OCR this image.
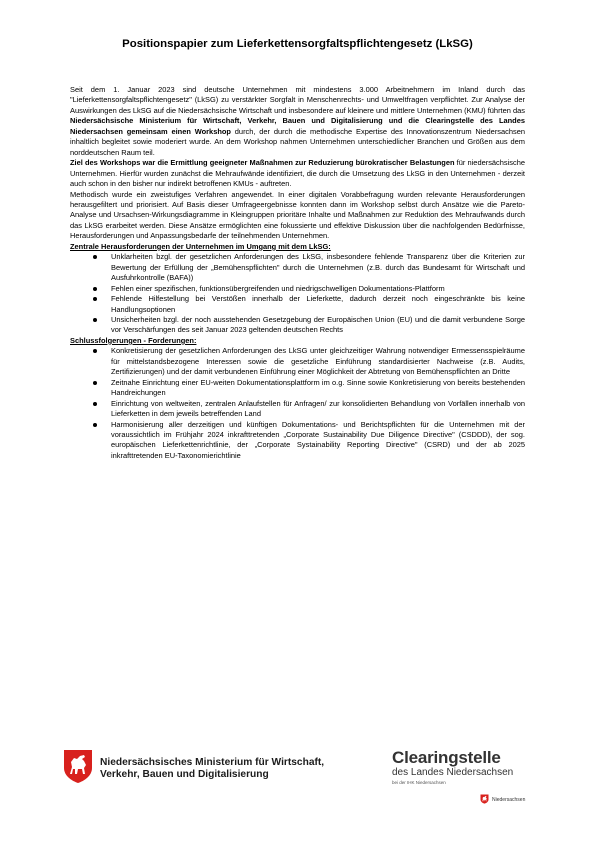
Positionspapier zum Lieferkettensorgfaltspflichtengesetz (LkSG)

Seit dem 1. Januar 2023 sind deutsche Unternehmen mit mindestens 3.000 Arbeitnehmern im Inland durch das "Lieferkettensorgfaltspflichtengesetz" (LkSG) zu verstärkter Sorgfalt in Menschenrechts- und Umweltfragen verpflichtet. Zur Analyse der Auswirkungen des LkSG auf die Niedersächsische Wirtschaft und insbesondere auf kleinere und mittlere Unternehmen (KMU) führten das Niedersächsische Ministerium für Wirtschaft, Verkehr, Bauen und Digitalisierung und die Clearingstelle des Landes Niedersachsen gemeinsam einen Workshop durch, der durch die methodische Expertise des Innovationszentrum Niedersachsen inhaltlich begleitet sowie moderiert wurde. An dem Workshop nahmen Unternehmen unterschiedlicher Branchen und Größen aus dem norddeutschen Raum teil.

Ziel des Workshops war die Ermittlung geeigneter Maßnahmen zur Reduzierung bürokratischer Belastungen für niedersächsische Unternehmen. Hierfür wurden zunächst die Mehraufwände identifiziert, die durch die Umsetzung des LkSG in den Unternehmen - derzeit auch schon in den bisher nur indirekt betroffenen KMUs - auftreten.

Methodisch wurde ein zweistufiges Verfahren angewendet. In einer digitalen Vorabbefragung wurden relevante Herausforderungen herausgefiltert und priorisiert. Auf Basis dieser Umfrageergebnisse konnten dann im Workshop selbst durch Ansätze wie die Pareto-Analyse und Ursachsen-Wirkungsdiagramme in Kleingruppen prioritäre Inhalte und Maßnahmen zur Reduktion des Mehraufwands durch das LkSG erarbeitet werden. Diese Ansätze ermöglichten eine fokussierte und effektive Diskussion über die nachfolgenden Bedürfnisse, Herausforderungen und Anpassungsbedarfe der teilnehmenden Unternehmen.

Zentrale Herausforderungen der Unternehmen im Umgang mit dem LkSG:

Unklarheiten bzgl. der gesetzlichen Anforderungen des LkSG, insbesondere fehlende Transparenz über die Kriterien zur Bewertung der Erfüllung der „Bemühenspflichten" durch die Unternehmen (z.B. durch das Bundesamt für Wirtschaft und Ausfuhrkontrolle (BAFA))
Fehlen einer spezifischen, funktionsübergreifenden und niedrigschwelligen Dokumentations-Plattform
Fehlende Hilfestellung bei Verstößen innerhalb der Lieferkette, dadurch derzeit noch eingeschränkte bis keine Handlungsoptionen
Unsicherheiten bzgl. der noch ausstehenden Gesetzgebung der Europäischen Union (EU) und die damit verbundene Sorge vor Verschärfungen des seit Januar 2023 geltenden deutschen Rechts

Schlussfolgerungen - Forderungen:

Konkretisierung der gesetzlichen Anforderungen des LkSG unter gleichzeitiger Wahrung notwendiger Ermessensspielräume für mittelstandsbezogene Interessen sowie die gesetzliche Einführung standardisierter Nachweise (z.B. Audits, Zertifizierungen) und der damit verbundenen Einführung einer Möglichkeit der Abtretung von Bemühenspflichten an Dritte
Zeitnahe Einrichtung einer EU-weiten Dokumentationsplattform im o.g. Sinne sowie Konkretisierung von bereits bestehenden Handreichungen
Einrichtung von weltweiten, zentralen Anlaufstellen für Anfragen/ zur konsolidierten Behandlung von Vorfällen innerhalb von Lieferketten in dem jeweils betreffenden Land
Harmonisierung aller derzeitigen und künftigen Dokumentations- und Berichtspflichten für die Unternehmen mit der voraussichtlich im Frühjahr 2024 inkrafttretenden „Corporate Sustainability Due Diligence Directive" (CSDDD), der sog. europäischen Lieferkettenrichtlinie, der „Corporate Systainability Reporting Directive" (CSRD) und der ab 2025 inkrafttretenden EU-Taxonomierichtlinie
Niedersächsisches Ministerium für Wirtschaft,
Verkehr, Bauen und Digitalisierung
Clearingstelle
des Landes Niedersachsen
bei der IHK Niedersachsen
Niedersachsen
